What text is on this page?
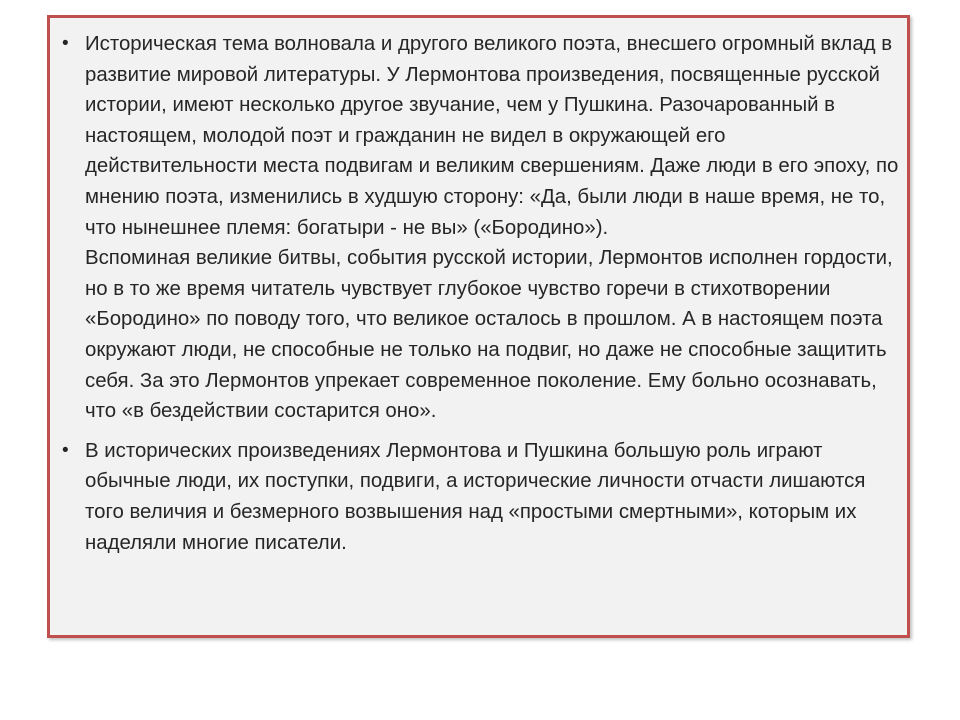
• Историческая тема волновала и другого великого поэта, внесшего огромный вклад в развитие мировой литературы. У Лермонтова произведения, посвященные русской истории, имеют несколько другое звучание, чем у Пушкина. Разочарованный в настоящем, молодой поэт и гражданин не видел в окружающей его действительности места подвигам и великим свершениям. Даже люди в его эпоху, по мнению поэта, изменились в худшую сторону: «Да, были люди в наше время, не то, что нынешнее племя: богатыри - не вы» («Бородино»).
Вспоминая великие битвы, события русской истории, Лермонтов исполнен гордости, но в то же время читатель чувствует глубокое чувство горечи в стихотворении «Бородино» по поводу того, что великое осталось в прошлом. А в настоящем поэта окружают люди, не способные не только на подвиг, но даже не способные защитить себя. За это Лермонтов упрекает современное поколение. Ему больно осознавать, что «в бездействии состарится оно».
• В исторических произведениях Лермонтова и Пушкина большую роль играют обычные люди, их поступки, подвиги, а исторические личности отчасти лишаются того величия и безмерного возвышения над «простыми смертными», которым их наделяли многие писатели.
